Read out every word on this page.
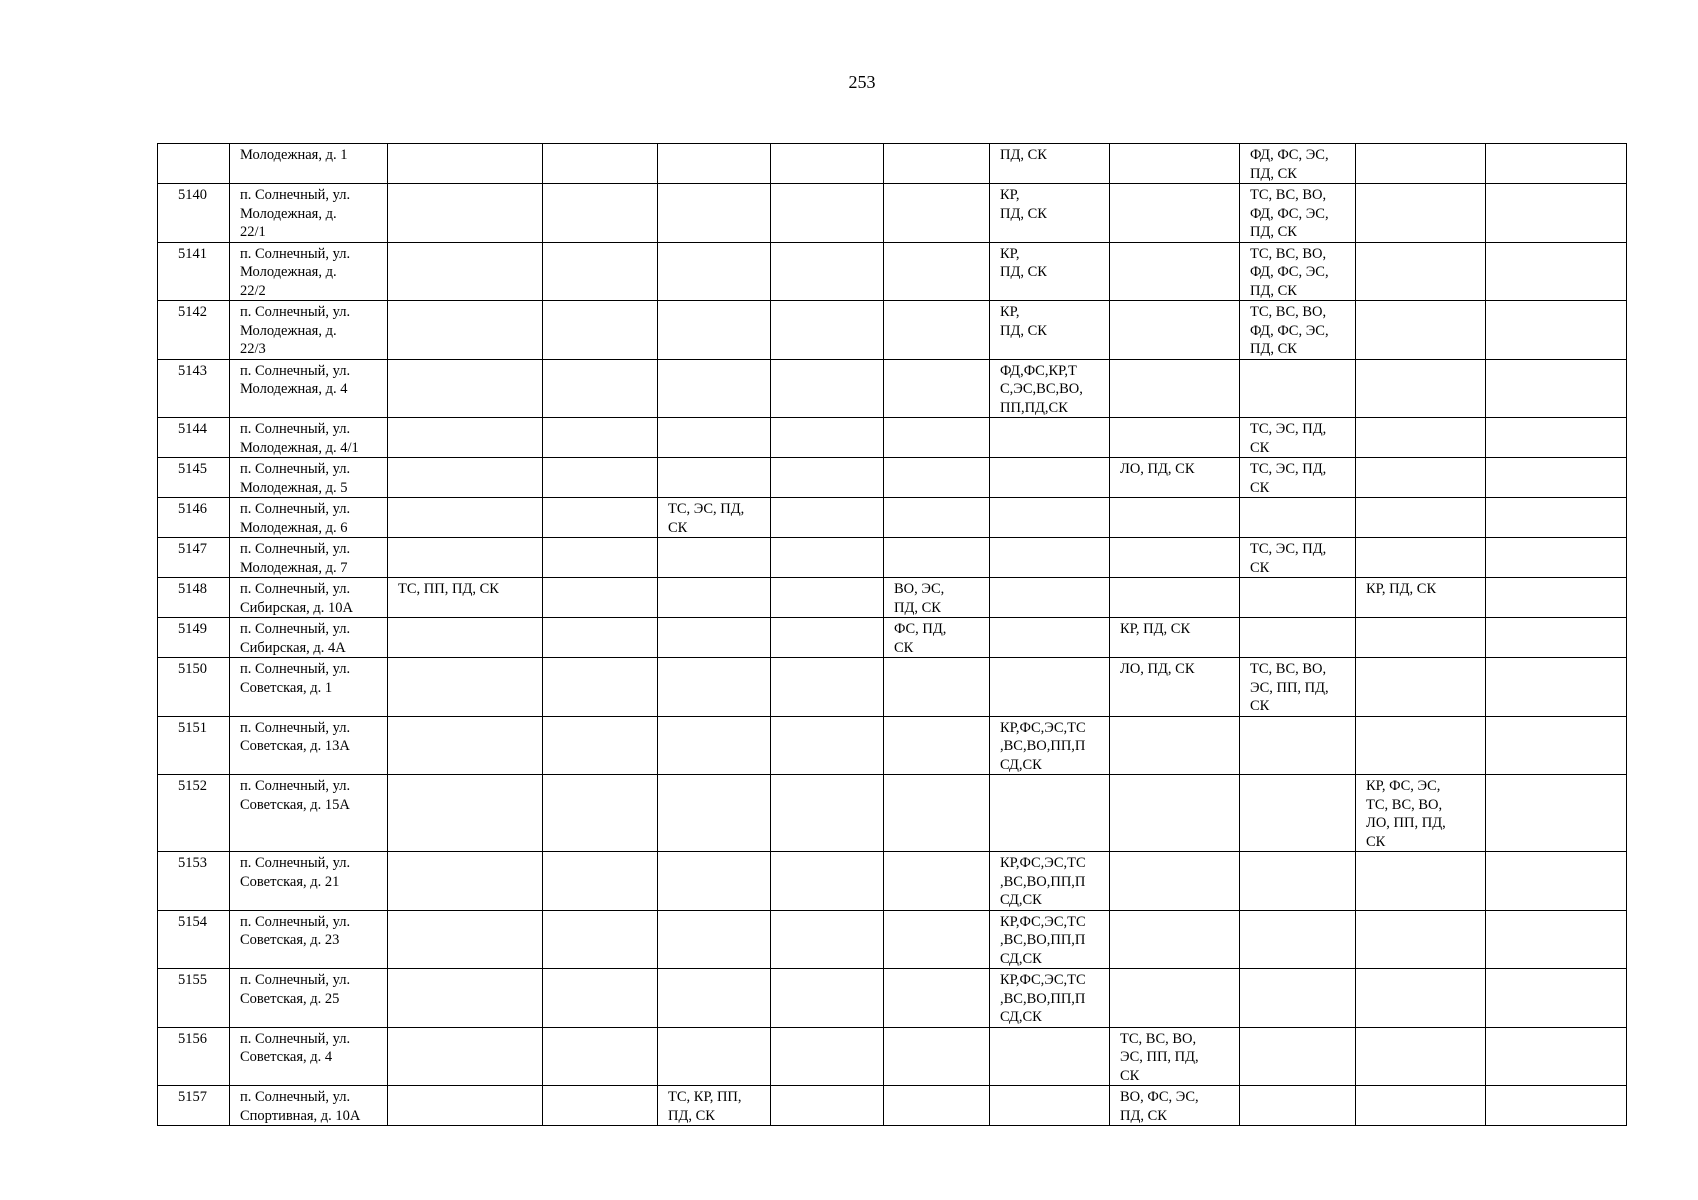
253

	Молодежная, д. 1						ПД, СК		ФД, ФС, ЭС,
ПД, СК		

5140	п. Солнечный, ул.
Молодежная, д.
22/1						КР,
ПД, СК		ТС, ВС, ВО,
ФД, ФС, ЭС,
ПД, СК		

5141	п. Солнечный, ул.
Молодежная, д.
22/2						КР,
ПД, СК		ТС, ВС, ВО,
ФД, ФС, ЭС,
ПД, СК		

5142	п. Солнечный, ул.
Молодежная, д.
22/3						КР,
ПД, СК		ТС, ВС, ВО,
ФД, ФС, ЭС,
ПД, СК		

5143	п. Солнечный, ул.
Молодежная, д. 4						ФД,ФС,КР,Т
С,ЭС,ВС,ВО,
ПП,ПД,СК				

5144	п. Солнечный, ул.
Молодежная, д. 4/1								ТС, ЭС, ПД,
СК		

5145	п. Солнечный, ул.
Молодежная, д. 5							ЛО, ПД, СК	ТС, ЭС, ПД,
СК		

5146	п. Солнечный, ул.
Молодежная, д. 6			ТС, ЭС, ПД,
СК							

5147	п. Солнечный, ул.
Молодежная, д. 7								ТС, ЭС, ПД,
СК		

5148	п. Солнечный, ул.
Сибирская, д. 10А	ТС, ПП, ПД, СК				ВО, ЭС,
ПД, СК				КР, ПД, СК	

5149	п. Солнечный, ул.
Сибирская, д. 4А					ФС, ПД,
СК		КР, ПД, СК			

5150	п. Солнечный, ул.
Советская, д. 1							ЛО, ПД, СК	ТС, ВС, ВО,
ЭС, ПП, ПД,
СК		

5151	п. Солнечный, ул.
Советская, д. 13А						КР,ФС,ЭС,ТС
,ВС,ВО,ПП,П
СД,СК				

5152	п. Солнечный, ул.
Советская, д. 15А									КР, ФС, ЭС,
ТС, ВС, ВО,
ЛО, ПП, ПД,
СК	

5153	п. Солнечный, ул.
Советская, д. 21						КР,ФС,ЭС,ТС
,ВС,ВО,ПП,П
СД,СК				

5154	п. Солнечный, ул.
Советская, д. 23						КР,ФС,ЭС,ТС
,ВС,ВО,ПП,П
СД,СК				

5155	п. Солнечный, ул.
Советская, д. 25						КР,ФС,ЭС,ТС
,ВС,ВО,ПП,П
СД,СК				

5156	п. Солнечный, ул.
Советская, д. 4							ТС, ВС, ВО,
ЭС, ПП, ПД,
СК			

5157	п. Солнечный, ул.
Спортивная, д. 10А			ТС, КР, ПП,
ПД, СК				ВО, ФС, ЭС,
ПД, СК			
